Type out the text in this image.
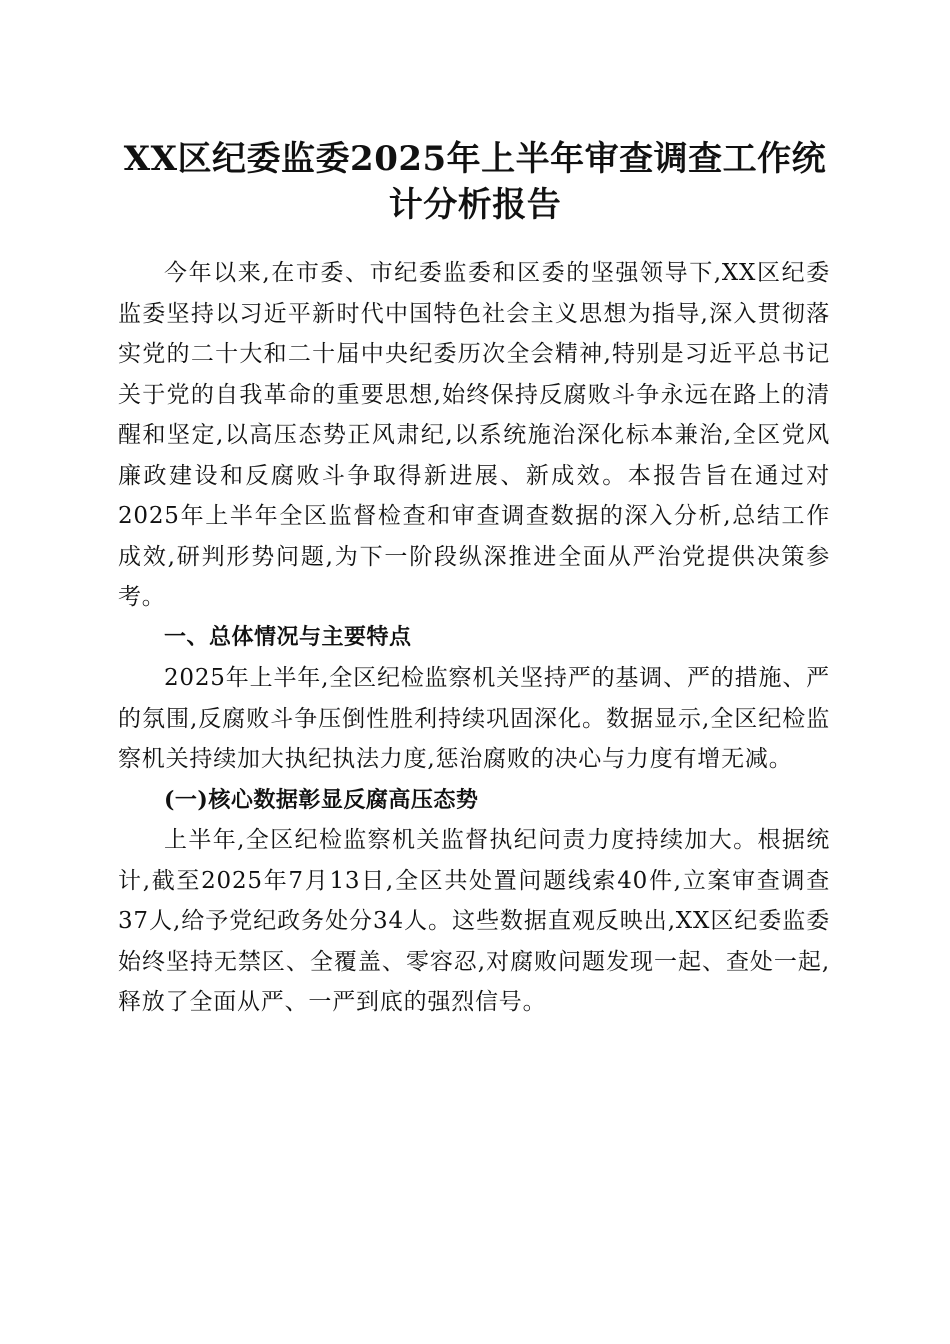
XX区纪委监委2025年上半年审查调查工作统
计分析报告

今年以来,在市委、市纪委监委和区委的坚强领导下,XX区纪委监委坚持以习近平新时代中国特色社会主义思想为指导,深入贯彻落实党的二十大和二十届中央纪委历次全会精神,特别是习近平总书记关于党的自我革命的重要思想,始终保持反腐败斗争永远在路上的清醒和坚定,以高压态势正风肃纪,以系统施治深化标本兼治,全区党风廉政建设和反腐败斗争取得新进展、新成效。本报告旨在通过对2025年上半年全区监督检查和审查调查数据的深入分析,总结工作成效,研判形势问题,为下一阶段纵深推进全面从严治党提供决策参考。

一、总体情况与主要特点

2025年上半年,全区纪检监察机关坚持严的基调、严的措施、严的氛围,反腐败斗争压倒性胜利持续巩固深化。数据显示,全区纪检监察机关持续加大执纪执法力度,惩治腐败的决心与力度有增无减。

(一)核心数据彰显反腐高压态势

上半年,全区纪检监察机关监督执纪问责力度持续加大。根据统计,截至2025年7月13日,全区共处置问题线索40件,立案审查调查37人,给予党纪政务处分34人。这些数据直观反映出,XX区纪委监委始终坚持无禁区、全覆盖、零容忍,对腐败问题发现一起、查处一起,释放了全面从严、一严到底的强烈信号。
